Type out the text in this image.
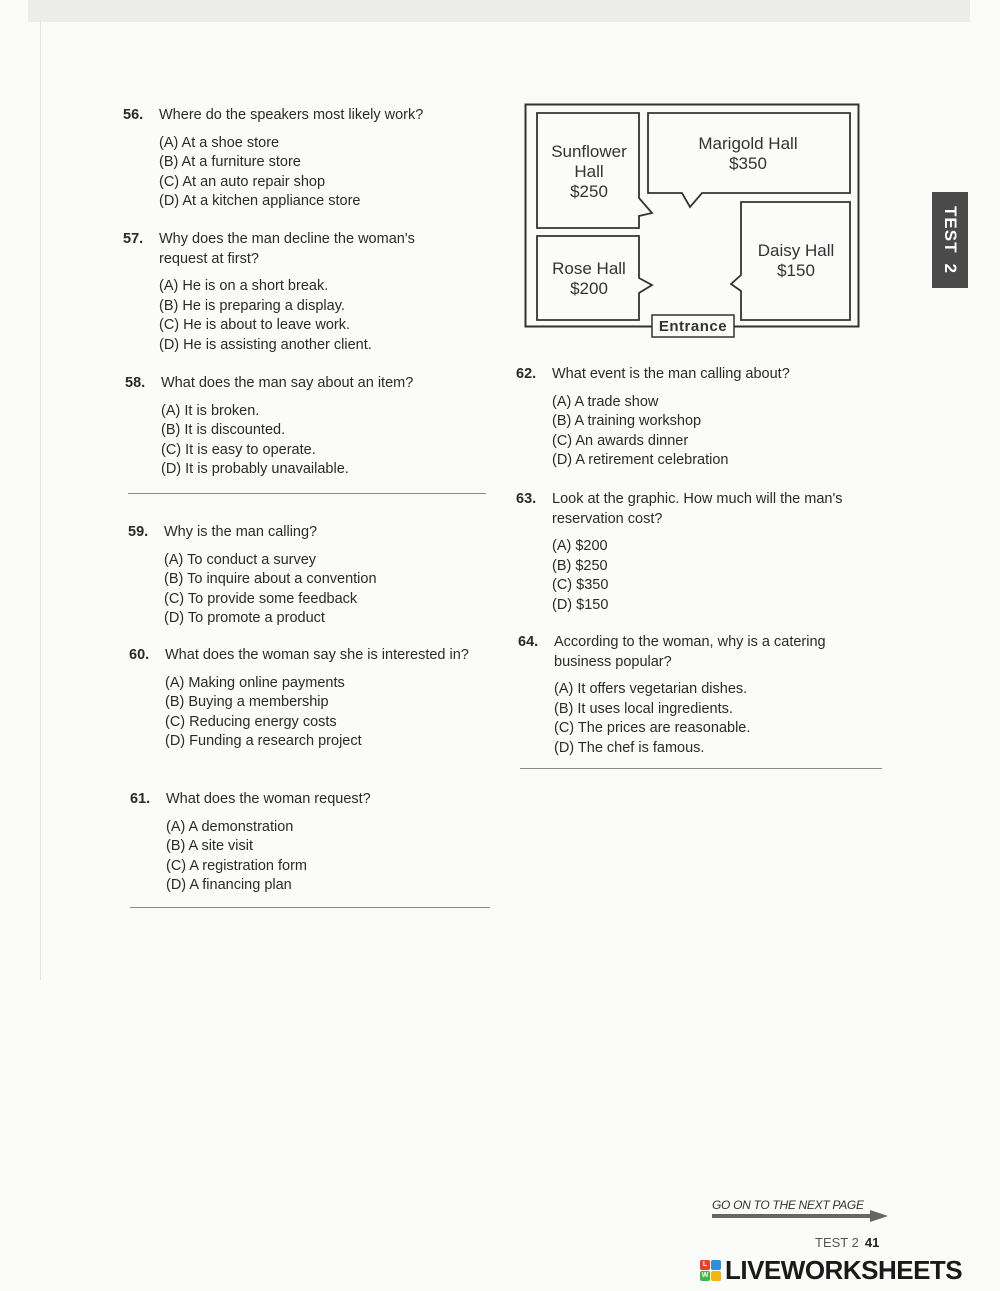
56. Where do the speakers most likely work?
(A) At a shoe store
(B) At a furniture store
(C) At an auto repair shop
(D) At a kitchen appliance store
57. Why does the man decline the woman's request at first?
(A) He is on a short break.
(B) He is preparing a display.
(C) He is about to leave work.
(D) He is assisting another client.
58. What does the man say about an item?
(A) It is broken.
(B) It is discounted.
(C) It is easy to operate.
(D) It is probably unavailable.
59. Why is the man calling?
(A) To conduct a survey
(B) To inquire about a convention
(C) To provide some feedback
(D) To promote a product
60. What does the woman say she is interested in?
(A) Making online payments
(B) Buying a membership
(C) Reducing energy costs
(D) Funding a research project
61. What does the woman request?
(A) A demonstration
(B) A site visit
(C) A registration form
(D) A financing plan
Sunflower
Hall
$250
Marigold Hall
$350
Rose Hall
$200
Daisy Hall
$150
Entrance
62. What event is the man calling about?
(A) A trade show
(B) A training workshop
(C) An awards dinner
(D) A retirement celebration
63. Look at the graphic. How much will the man's reservation cost?
(A) $200
(B) $250
(C) $350
(D) $150
64. According to the woman, why is a catering business popular?
(A) It offers vegetarian dishes.
(B) It uses local ingredients.
(C) The prices are reasonable.
(D) The chef is famous.
TEST2
GO ON TO THE NEXT PAGE
TEST 2 41
L
W LIVEWORKSHEETS
